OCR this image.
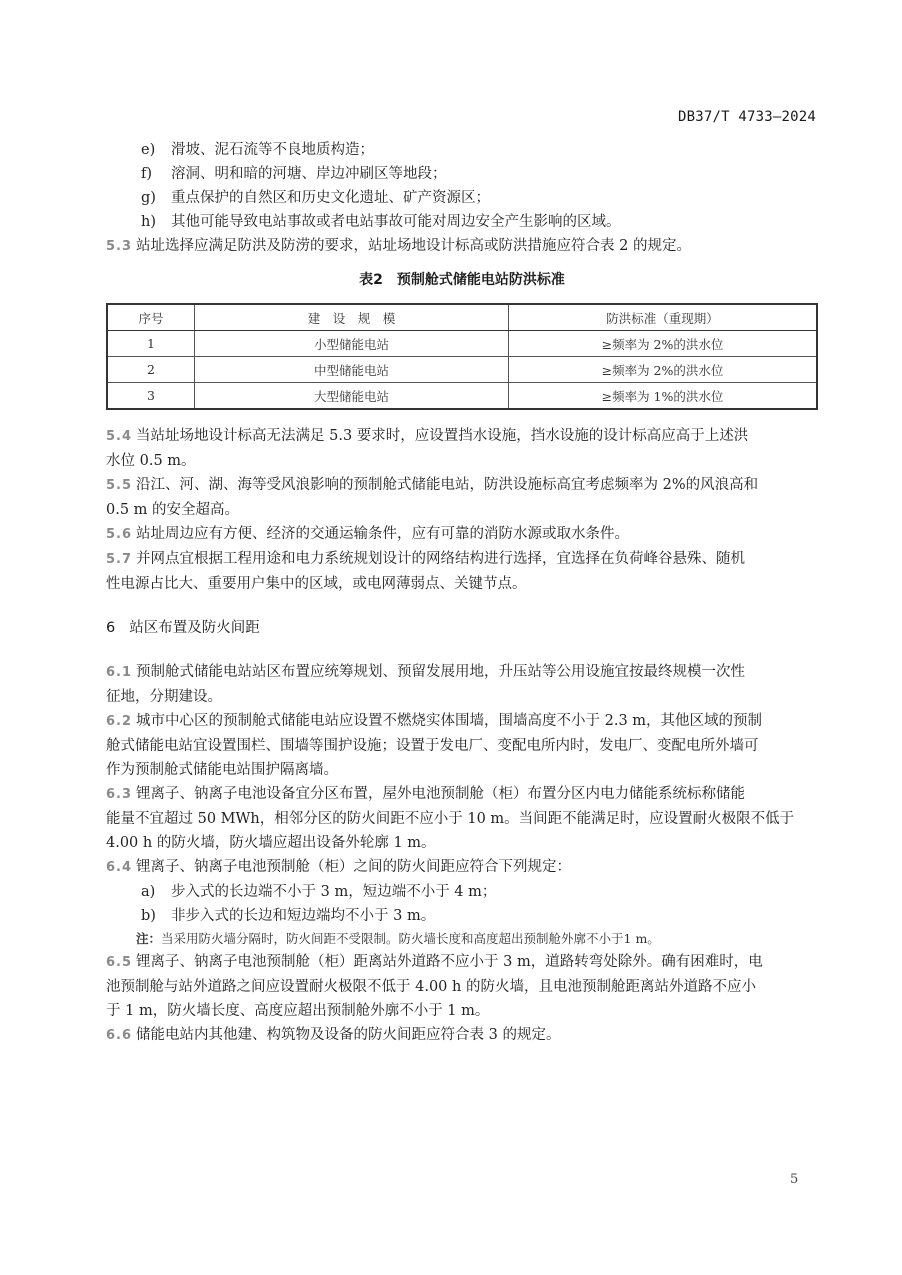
DB37/T 4733—2024
e)	滑坡、泥石流等不良地质构造；
f)	溶洞、明和暗的河塘、岸边冲刷区等地段；
g)	重点保护的自然区和历史文化遗址、矿产资源区；
h)	其他可能导致电站事故或者电站事故可能对周边安全产生影响的区域。
5.3 站址选择应满足防洪及防涝的要求，站址场地设计标高或防洪措施应符合表 2 的规定。
表2 预制舱式储能电站防洪标准
序号	建　设　规　模	防洪标准（重现期）
1	小型储能电站	≥频率为 2%的洪水位
2	中型储能电站	≥频率为 2%的洪水位
3	大型储能电站	≥频率为 1%的洪水位
5.4 当站址场地设计标高无法满足 5.3 要求时，应设置挡水设施，挡水设施的设计标高应高于上述洪
水位 0.5 m。
5.5 沿江、河、湖、海等受风浪影响的预制舱式储能电站，防洪设施标高宜考虑频率为 2%的风浪高和
0.5 m 的安全超高。
5.6 站址周边应有方便、经济的交通运输条件，应有可靠的消防水源或取水条件。
5.7 并网点宜根据工程用途和电力系统规划设计的网络结构进行选择，宜选择在负荷峰谷悬殊、随机
性电源占比大、重要用户集中的区域，或电网薄弱点、关键节点。
6 站区布置及防火间距
6.1 预制舱式储能电站站区布置应统筹规划、预留发展用地，升压站等公用设施宜按最终规模一次性
征地，分期建设。
6.2 城市中心区的预制舱式储能电站应设置不燃烧实体围墙，围墙高度不小于 2.3 m，其他区域的预制
舱式储能电站宜设置围栏、围墙等围护设施；设置于发电厂、变配电所内时，发电厂、变配电所外墙可
作为预制舱式储能电站围护隔离墙。
6.3 锂离子、钠离子电池设备宜分区布置，屋外电池预制舱（柜）布置分区内电力储能系统标称储能
能量不宜超过 50 MWh，相邻分区的防火间距不应小于 10 m。当间距不能满足时，应设置耐火极限不低于
4.00 h 的防火墙，防火墙应超出设备外轮廓 1 m。
6.4 锂离子、钠离子电池预制舱（柜）之间的防火间距应符合下列规定：
a)	步入式的长边端不小于 3 m，短边端不小于 4 m；
b)	非步入式的长边和短边端均不小于 3 m。
注：当采用防火墙分隔时，防火间距不受限制。防火墙长度和高度超出预制舱外廓不小于1 m。
6.5 锂离子、钠离子电池预制舱（柜）距离站外道路不应小于 3 m，道路转弯处除外。确有困难时，电
池预制舱与站外道路之间应设置耐火极限不低于 4.00 h 的防火墙，且电池预制舱距离站外道路不应小
于 1 m，防火墙长度、高度应超出预制舱外廓不小于 1 m。
6.6 储能电站内其他建、构筑物及设备的防火间距应符合表 3 的规定。
5
